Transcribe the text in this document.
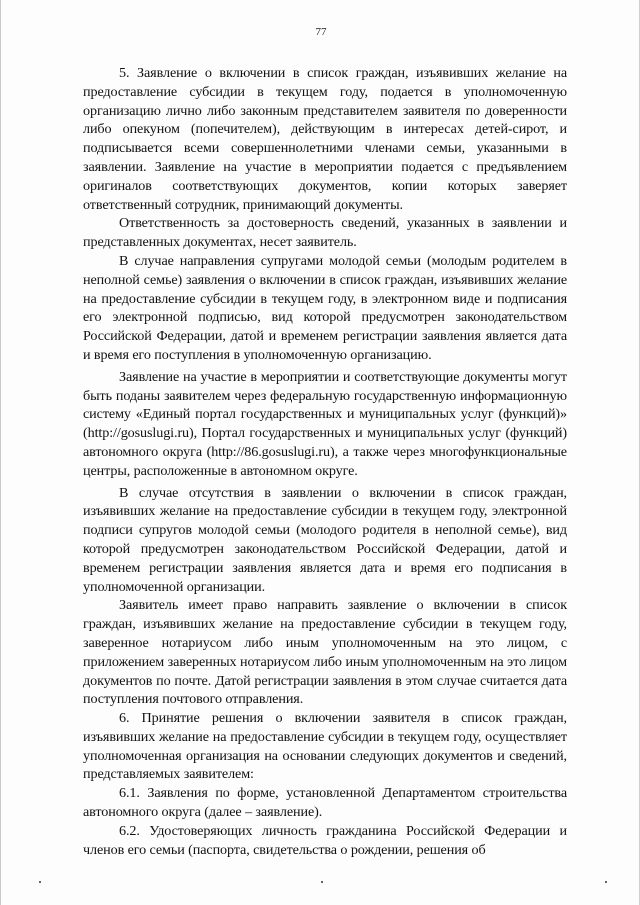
77

5. Заявление о включении в список граждан, изъявивших желание на предоставление субсидии в текущем году, подается в уполномоченную организацию лично либо законным представителем заявителя по доверенности либо опекуном (попечителем), действующим в интересах детей-сирот, и подписывается всеми совершеннолетними членами семьи, указанными в заявлении. Заявление на участие в мероприятии подается с предъявлением оригиналов соответствующих документов, копии которых заверяет ответственный сотрудник, принимающий документы.

Ответственность за достоверность сведений, указанных в заявлении и представленных документах, несет заявитель.

В случае направления супругами молодой семьи (молодым родителем в неполной семье) заявления о включении в список граждан, изъявивших желание на предоставление субсидии в текущем году, в электронном виде и подписания его электронной подписью, вид которой предусмотрен законодательством Российской Федерации, датой и временем регистрации заявления является дата и время его поступления в уполномоченную организацию.

Заявление на участие в мероприятии и соответствующие документы могут быть поданы заявителем через федеральную государственную информационную систему «Единый портал государственных и муниципальных услуг (функций)» (http://gosuslugi.ru), Портал государственных и муниципальных услуг (функций) автономного округа (http://86.gosuslugi.ru), а также через многофункциональные центры, расположенные в автономном округе.

В случае отсутствия в заявлении о включении в список граждан, изъявивших желание на предоставление субсидии в текущем году, электронной подписи супругов молодой семьи (молодого родителя в неполной семье), вид которой предусмотрен законодательством Российской Федерации, датой и временем регистрации заявления является дата и время его подписания в уполномоченной организации.

Заявитель имеет право направить заявление о включении в список граждан, изъявивших желание на предоставление субсидии в текущем году, заверенное нотариусом либо иным уполномоченным на это лицом, с приложением заверенных нотариусом либо иным уполномоченным на это лицом документов по почте. Датой регистрации заявления в этом случае считается дата поступления почтового отправления.

6. Принятие решения о включении заявителя в список граждан, изъявивших желание на предоставление субсидии в текущем году, осуществляет уполномоченная организация на основании следующих документов и сведений, представляемых заявителем:

6.1. Заявления по форме, установленной Департаментом строительства автономного округа (далее – заявление).

6.2. Удостоверяющих личность гражданина Российской Федерации и членов его семьи (паспорта, свидетельства о рождении, решения об
